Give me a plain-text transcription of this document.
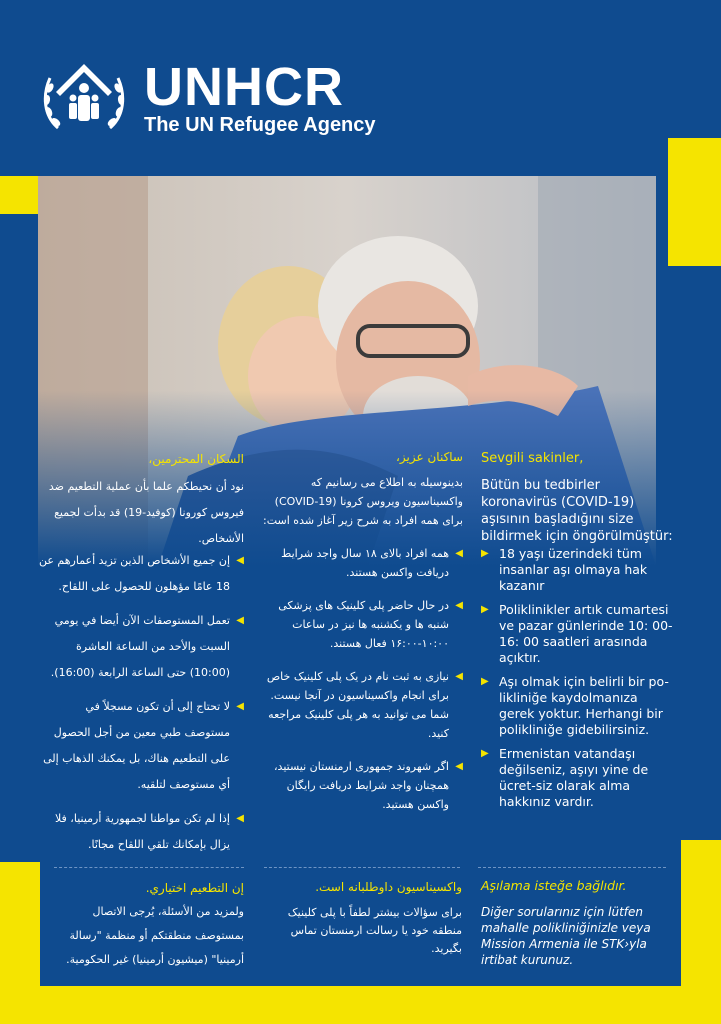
UNHCR
The UN Refugee Agency
السكان المحترمين،
نود أن نحيطكم علما بأن عملية التطعيم ضد فيروس كورونا (كوفيد-19) قد بدأت لجميع الأشخاص.
◀
إن جميع الأشخاص الذين تزيد أعمارهم عن 18 عامًا مؤهلون للحصول على اللقاح.
◀
تعمل المستوصفات الآن أيضا في يومي السبت والأحد من الساعة العاشرة (10:00) حتى الساعة الرابعة (16:00).
◀
لا تحتاج إلى أن تكون مسجلاً في مستوصف طبي معين من أجل الحصول على التطعيم هناك، بل يمكنك الذهاب إلى أي مستوصف لتلقيه.
◀
إذا لم تكن مواطنا لجمهورية أرمينيا، فلا يزال بإمكانك تلقي اللقاح مجانًا.
ساکنان عزیز،
بدینوسیله به اطلاع می رسانیم که واکسیناسیون ویروس کرونا (COVID-19) برای همه افراد به شرح زیر آغاز شده است:
◀
همه افراد بالای ۱۸ سال واجد شرایط دریافت واکسن هستند.
◀
در حال حاضر پلی کلینیک های پزشکی شنبه ها و یکشنبه ها نیز در ساعات ۱۰:۰۰-۱۶:۰۰ فعال هستند.
◀
نیازی به ثبت نام در یک پلی کلینیک خاص برای انجام واکسیناسیون در آنجا نیست. شما می توانید به هر پلی کلینیک مراجعه کنید.
◀
اگر شهروند جمهوری ارمنستان نیستید، همچنان واجد شرایط دریافت رایگان واکسن هستید.
Sevgili sakinler,
Bütün bu tedbirler koronavirüs (COVID-19) aşısının başladığını size bildirmek için öngörülmüştür:
▶ 18 yaşı üzerindeki tüm insanlar aşı olmaya hak kazanır
▶ Poliklinikler artık cumartesi ve pazar günlerinde 10: 00-16: 00 saatleri arasında açıktır.
▶ Aşı olmak için belirli bir po-likliniğe kaydolmanıza gerek yoktur. Herhangi bir polikliniğe gidebilirsiniz.
▶ Ermenistan vatandaşı değilseniz, aşıyı yine de ücret-siz olarak alma hakkınız vardır.
إن التطعيم اختياري.
ولمزيد من الأسئلة، يُرجى الاتصال بمستوصف منطقتكم أو منظمة "رسالة أرمينيا" (ميشيون أرمينيا) غير الحكومية.
واکسیناسیون داوطلبانه است.
برای سؤالات بیشتر لطفاً با پلی کلینیک منطقه خود یا رسالت ارمنستان تماس بگیرید.
Aşılama isteğe bağlıdır.
Diğer sorularınız için lütfen mahalle polikliniğinizle veya Mission Armenia ile STK›yla irtibat kurunuz.
